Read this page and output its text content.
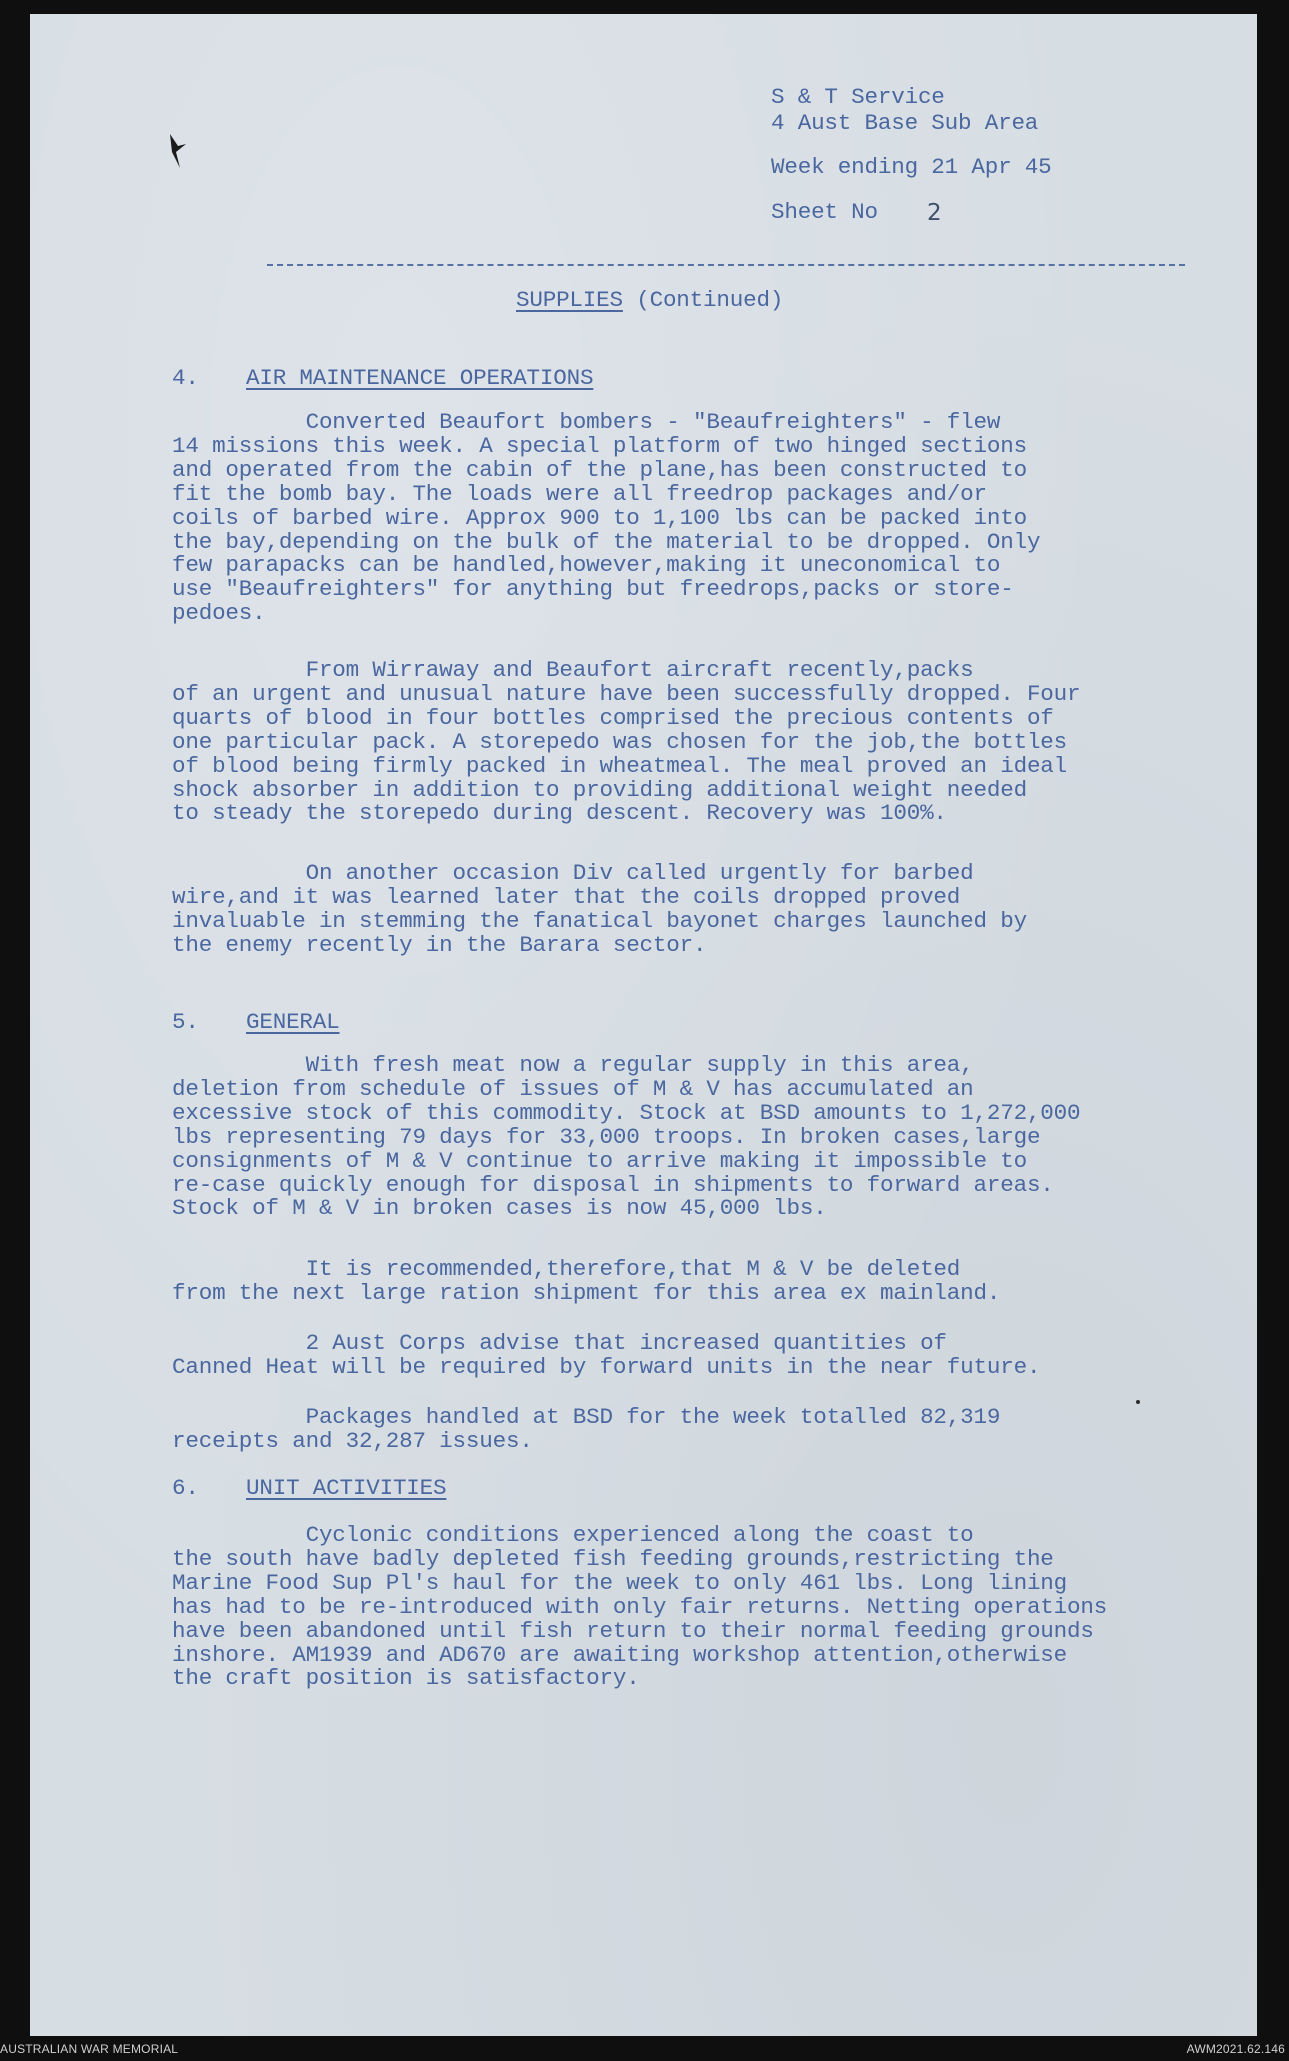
S & T Service
4 Aust Base Sub Area
Week ending 21 Apr 45
Sheet No 2
SUPPLIES (Continued)
4. AIR MAINTENANCE OPERATIONS
Converted Beaufort bombers - "Beaufreighters" - flew
14 missions this week. A special platform of two hinged sections
and operated from the cabin of the plane,has been constructed to
fit the bomb bay. The loads were all freedrop packages and/or
coils of barbed wire. Approx 900 to 1,100 lbs can be packed into
the bay,depending on the bulk of the material to be dropped. Only
few parapacks can be handled,however,making it uneconomical to
use "Beaufreighters" for anything but freedrops,packs or store-
pedoes.
From Wirraway and Beaufort aircraft recently,packs
of an urgent and unusual nature have been successfully dropped. Four
quarts of blood in four bottles comprised the precious contents of
one particular pack. A storepedo was chosen for the job,the bottles
of blood being firmly packed in wheatmeal. The meal proved an ideal
shock absorber in addition to providing additional weight needed
to steady the storepedo during descent. Recovery was 100%.
On another occasion Div called urgently for barbed
wire,and it was learned later that the coils dropped proved
invaluable in stemming the fanatical bayonet charges launched by
the enemy recently in the Barara sector.
5. GENERAL
With fresh meat now a regular supply in this area,
deletion from schedule of issues of M & V has accumulated an
excessive stock of this commodity. Stock at BSD amounts to 1,272,000
lbs representing 79 days for 33,000 troops. In broken cases,large
consignments of M & V continue to arrive making it impossible to
re-case quickly enough for disposal in shipments to forward areas.
Stock of M & V in broken cases is now 45,000 lbs.
It is recommended,therefore,that M & V be deleted
from the next large ration shipment for this area ex mainland.
2 Aust Corps advise that increased quantities of
Canned Heat will be required by forward units in the near future.
Packages handled at BSD for the week totalled 82,319
receipts and 32,287 issues.
6. UNIT ACTIVITIES
Cyclonic conditions experienced along the coast to
the south have badly depleted fish feeding grounds,restricting the
Marine Food Sup Pl's haul for the week to only 461 lbs. Long lining
has had to be re-introduced with only fair returns. Netting operations
have been abandoned until fish return to their normal feeding grounds
inshore. AM1939 and AD670 are awaiting workshop attention,otherwise
the craft position is satisfactory.
AUSTRALIAN WAR MEMORIAL	AWM2021.62.146
